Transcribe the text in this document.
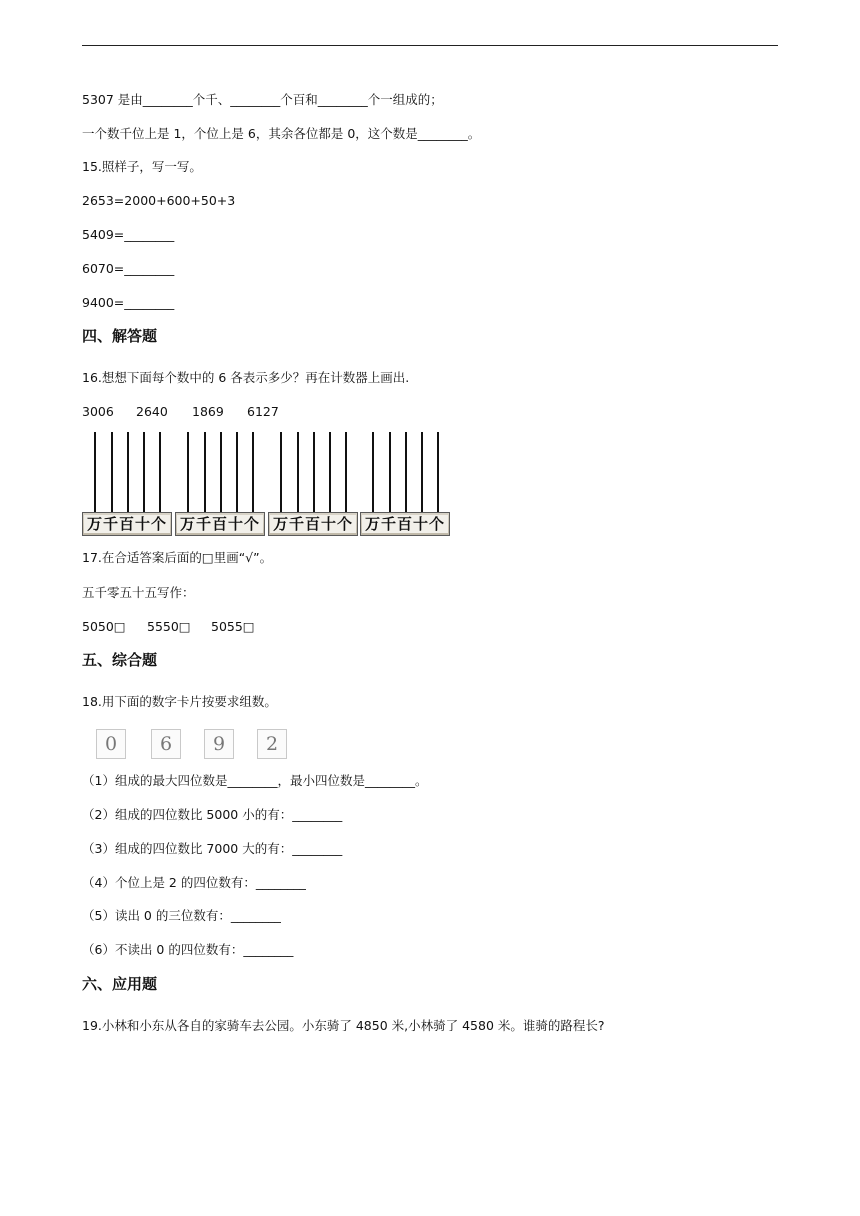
5307 是由________个千、________个百和________个一组成的；
一个数千位上是 1，个位上是 6，其余各位都是 0，这个数是________。
15.照样子，写一写。
2653=2000+600+50+3
5409=________
6070=________
9400=________
四、解答题
16.想想下面每个数中的 6 各表示多少？再在计数器上画出.
3006 2640 1869 6127
万千百十个 万千百十个 万千百十个 万千百十个
17.在合适答案后面的□里画“√”。
五千零五十五写作：
5050□ 5550□ 5055□
五、综合题
18.用下面的数字卡片按要求组数。
0	6	9	2
（1）组成的最大四位数是________，最小四位数是________。
（2）组成的四位数比 5000 小的有：________
（3）组成的四位数比 7000 大的有：________
（4）个位上是 2 的四位数有：________
（5）读出 0 的三位数有：________
（6）不读出 0 的四位数有：________
六、应用题
19.小林和小东从各自的家骑车去公园。小东骑了 4850 米,小林骑了 4580 米。谁骑的路程长?
